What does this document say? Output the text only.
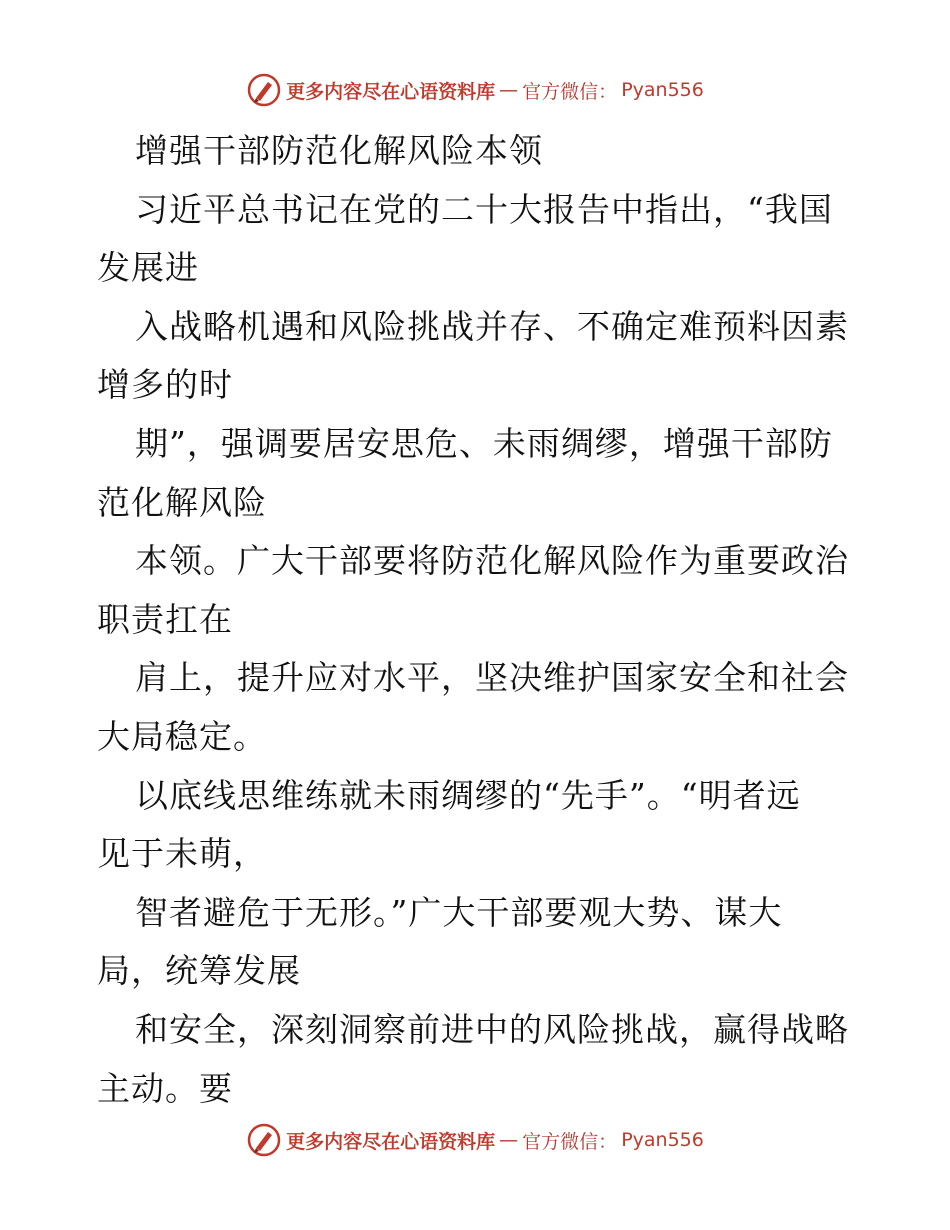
更多内容尽在心语资料库 — 官方微信： Pyan556
增强干部防范化解风险本领
习近平总书记在党的二十大报告中指出，“我国
发展进
入战略机遇和风险挑战并存、不确定难预料因素
增多的时
期”，强调要居安思危、未雨绸缪，增强干部防
范化解风险
本领。广大干部要将防范化解风险作为重要政治
职责扛在
肩上，提升应对水平，坚决维护国家安全和社会
大局稳定。
以底线思维练就未雨绸缪的“先手”。“明者远
见于未萌，
智者避危于无形。”广大干部要观大势、谋大
局，统筹发展
和安全，深刻洞察前进中的风险挑战，赢得战略
主动。要
更多内容尽在心语资料库 — 官方微信： Pyan556
